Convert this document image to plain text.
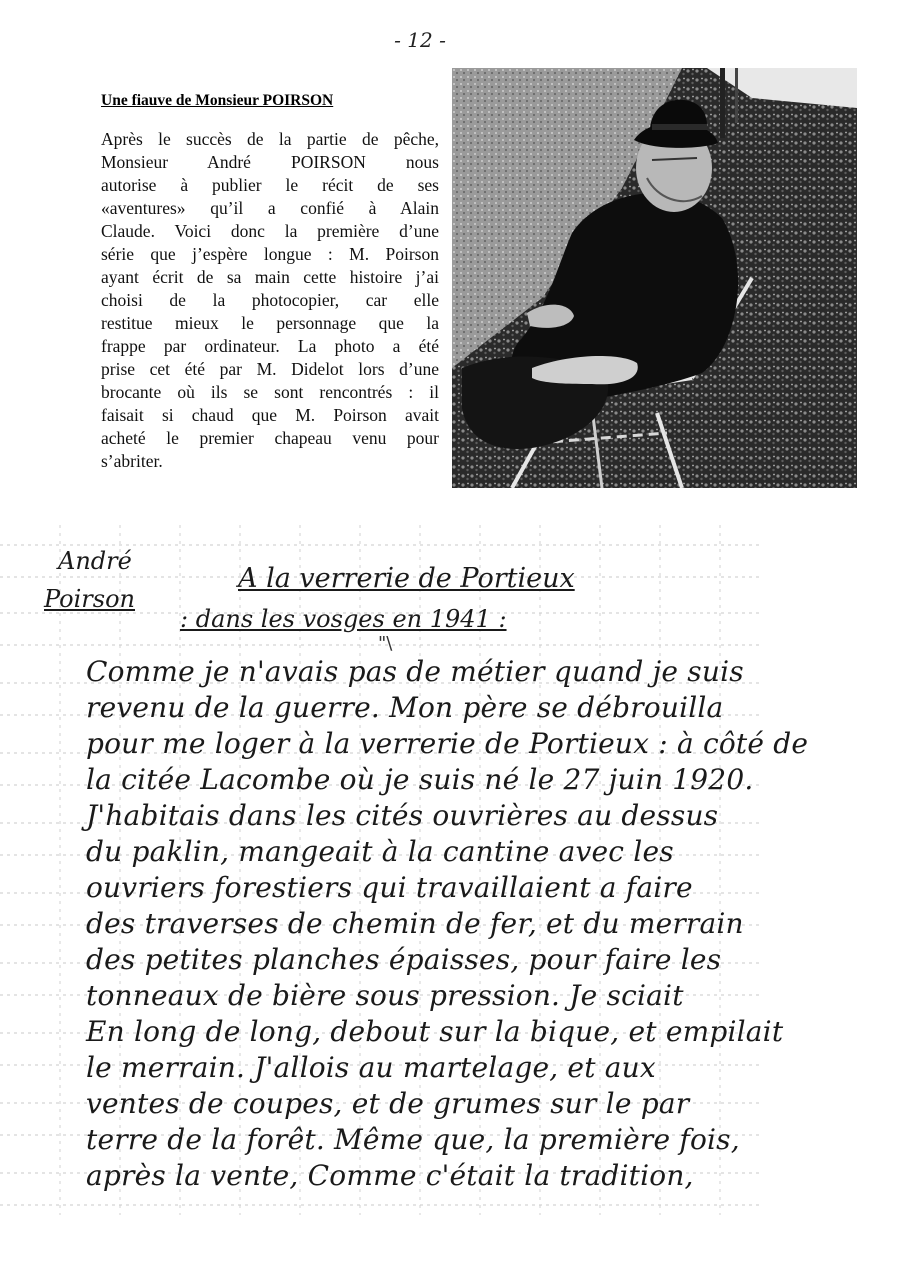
- 12 -
Une fiauve de Monsieur POIRSON
Après le succès de la partie de pêche,
Monsieur André POIRSON nous
autorise à publier le récit de ses
«aventures» qu’il a confié à Alain
Claude. Voici donc la première d’une
série que j’espère longue : M. Poirson
ayant écrit de sa main cette histoire j’ai
choisi de la photocopier, car elle
restitue mieux le personnage que la
frappe par ordinateur. La photo a été
prise cet été par M. Didelot lors d’une
brocante où ils se sont rencontrés : il
faisait si chaud que M. Poirson avait
acheté le premier chapeau venu pour
s’abriter.
André
Poirson
A la verrerie de Portieux
: dans les vosges en 1941 :
"\
Comme je n'avais pas de métier quand je suis
revenu de la guerre. Mon père se débrouilla
pour me loger à la verrerie de Portieux : à côté de
la citée Lacombe où je suis né le 27 juin 1920.
J'habitais dans les cités ouvrières au dessus
du paklin, mangeait à la cantine avec les
ouvriers forestiers qui travaillaient a faire
des traverses de chemin de fer, et du merrain
des petites planches épaisses, pour faire les
tonneaux de bière sous pression. Je sciait
En long de long, debout sur la bique, et empilait
le merrain. J'allois au martelage, et aux
ventes de coupes, et de grumes sur le par
terre de la forêt. Même que, la première fois,
après la vente, Comme c'était la tradition,
